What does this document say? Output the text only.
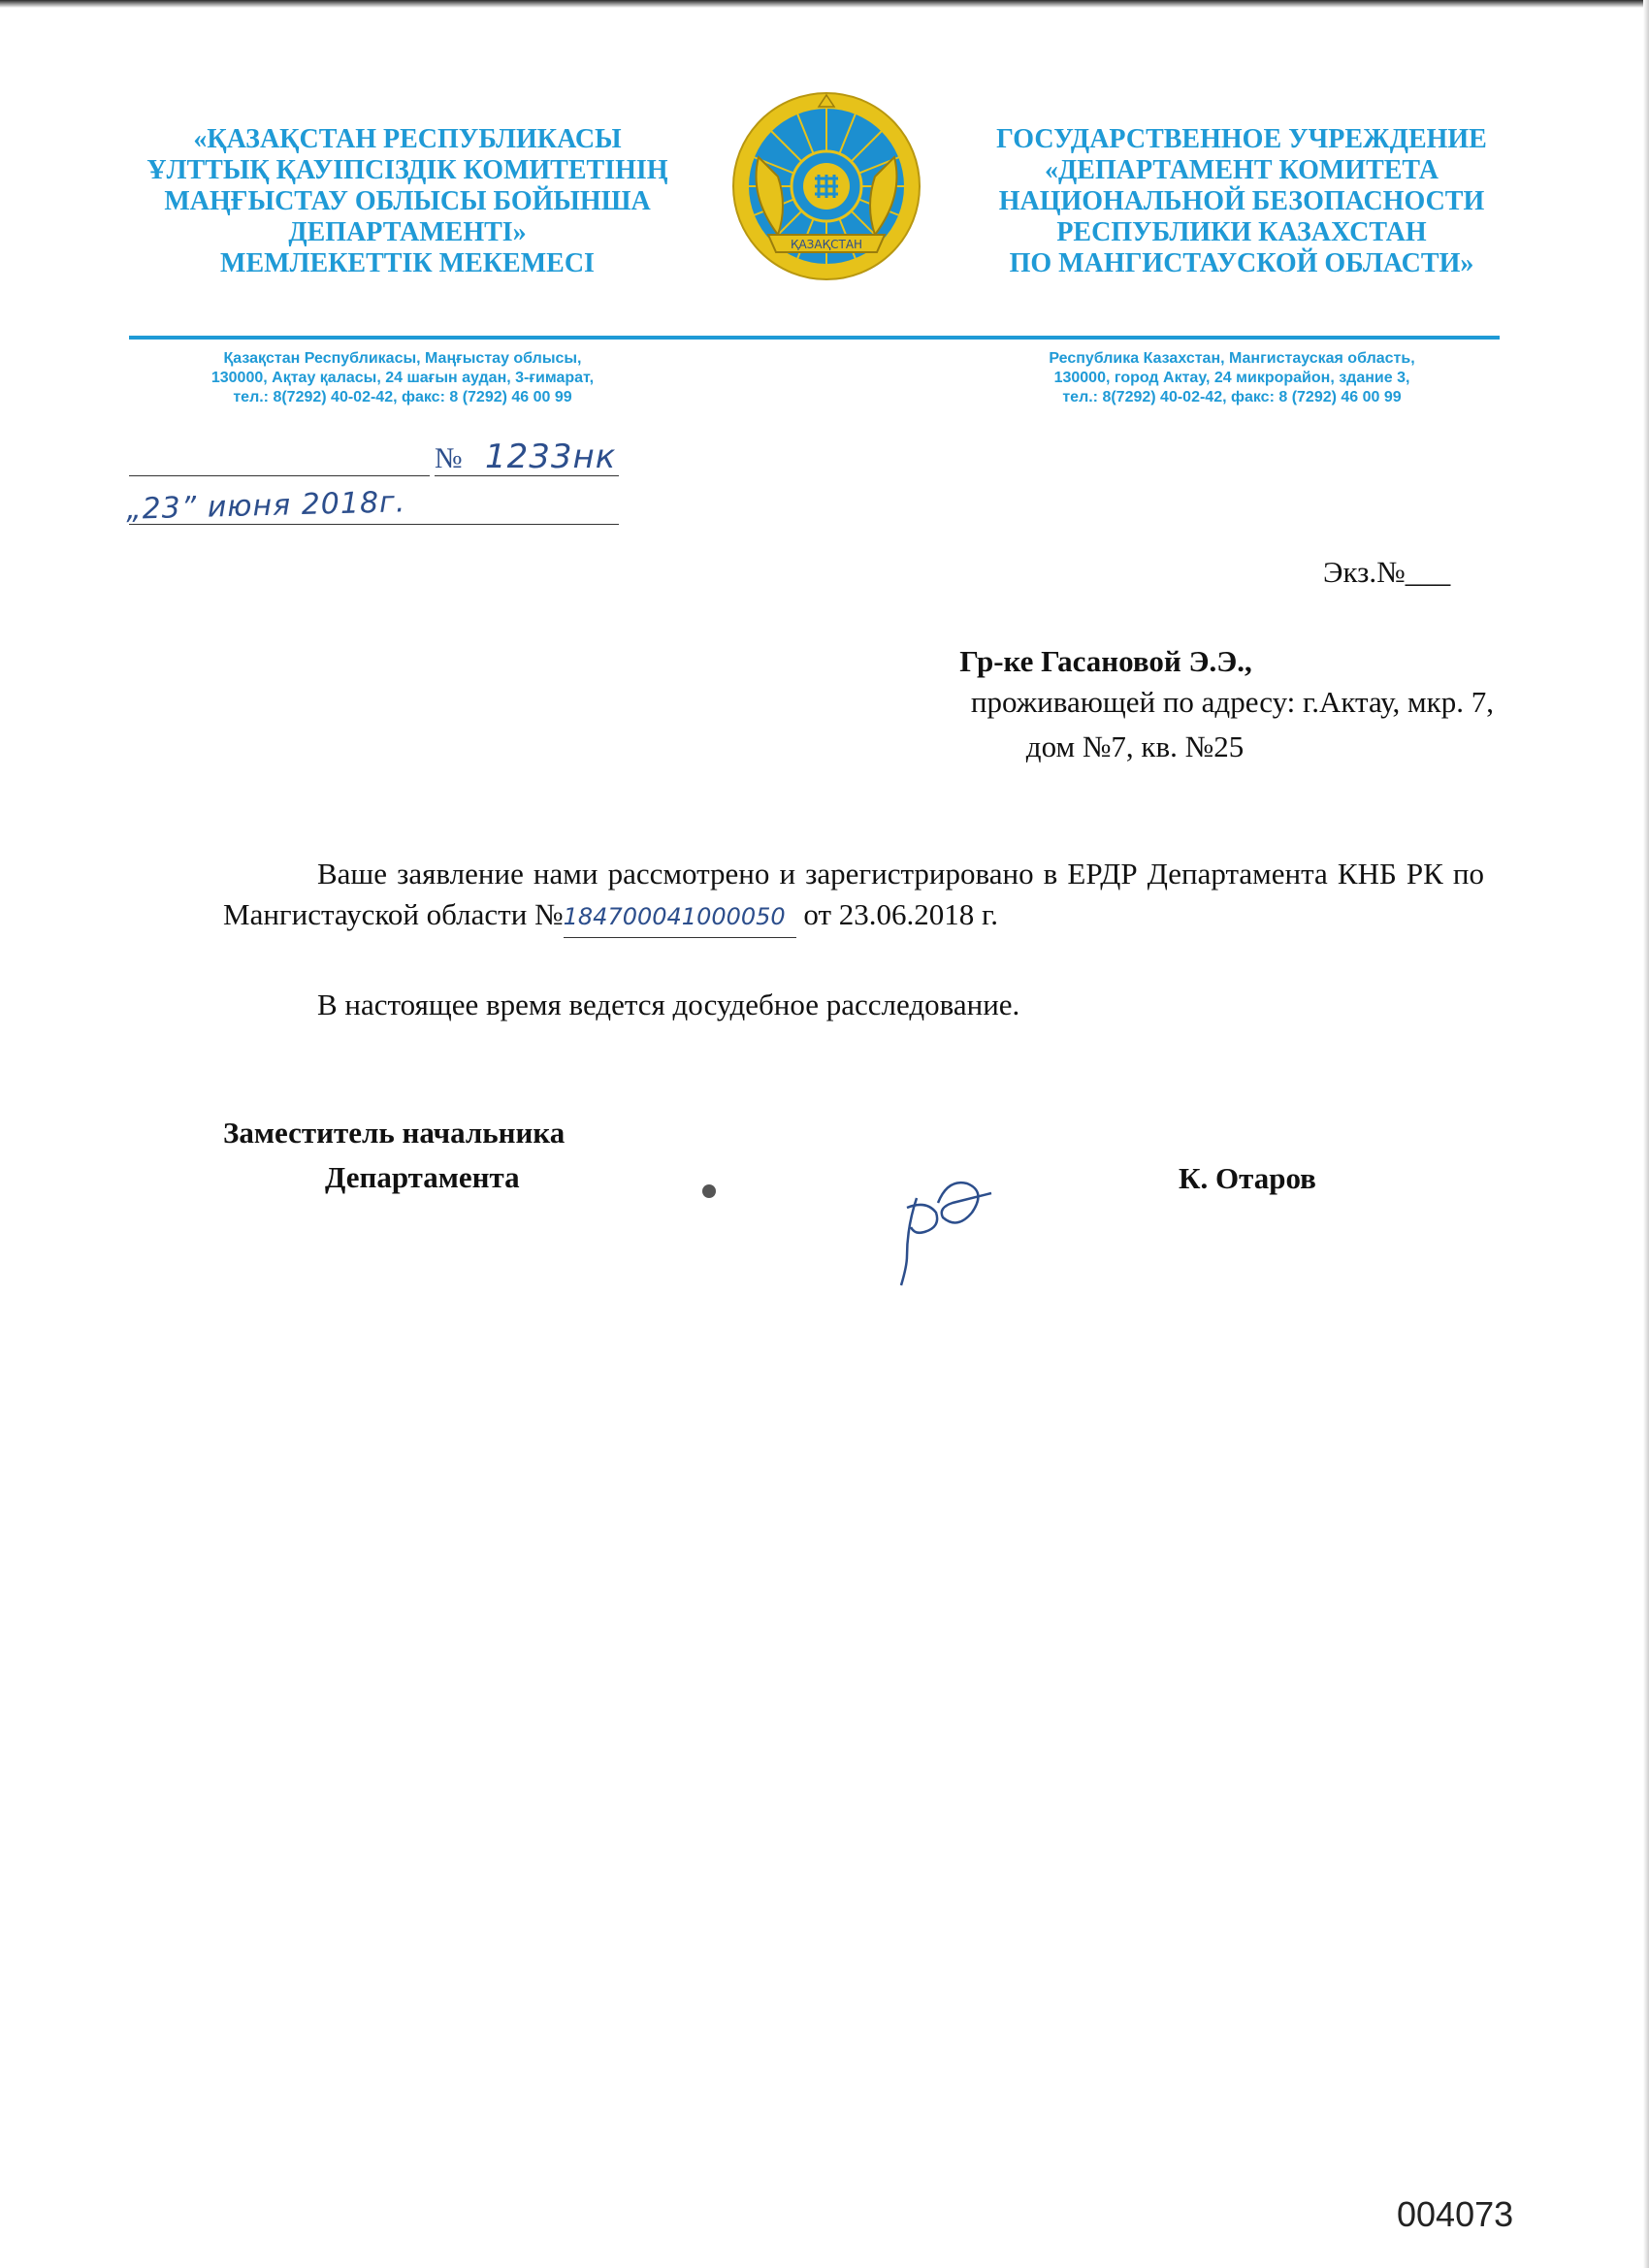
«ҚАЗАҚСТАН РЕСПУБЛИКАСЫ
ҰЛТТЫҚ ҚАУІПСІЗДІК КОМИТЕТІНІҢ
МАҢҒЫСТАУ ОБЛЫСЫ БОЙЫНША
ДЕПАРТАМЕНТІ»
МЕМЛЕКЕТТІК МЕКЕМЕСІ
ҚАЗАҚСТАН
ГОСУДАРСТВЕННОЕ УЧРЕЖДЕНИЕ
«ДЕПАРТАМЕНТ КОМИТЕТА
НАЦИОНАЛЬНОЙ БЕЗОПАСНОСТИ
РЕСПУБЛИКИ КАЗАХСТАН
ПО МАНГИСТАУСКОЙ ОБЛАСТИ»
Қазақстан Республикасы, Маңғыстау облысы,
130000, Ақтау қаласы, 24 шағын аудан, 3-ғимарат,
тел.: 8(7292) 40-02-42, факс: 8 (7292) 46 00 99
Республика Казахстан, Мангистауская область,
130000, город Актау, 24 микрорайон, здание 3,
тел.: 8(7292) 40-02-42, факс: 8 (7292) 46 00 99
№ 1233нк
„23” июня 2018г.
Экз.№___
Гр-ке Гасановой Э.Э.,
проживающей по адресу: г.Актау, мкр. 7,
дом №7, кв. №25
Ваше заявление нами рассмотрено и зарегистрировано в ЕРДР Департамента КНБ РК по Мангистауской области №184700041000050 от 23.06.2018 г.
В настоящее время ведется досудебное расследование.
Заместитель начальника
Департамента	К. Отаров
004073
